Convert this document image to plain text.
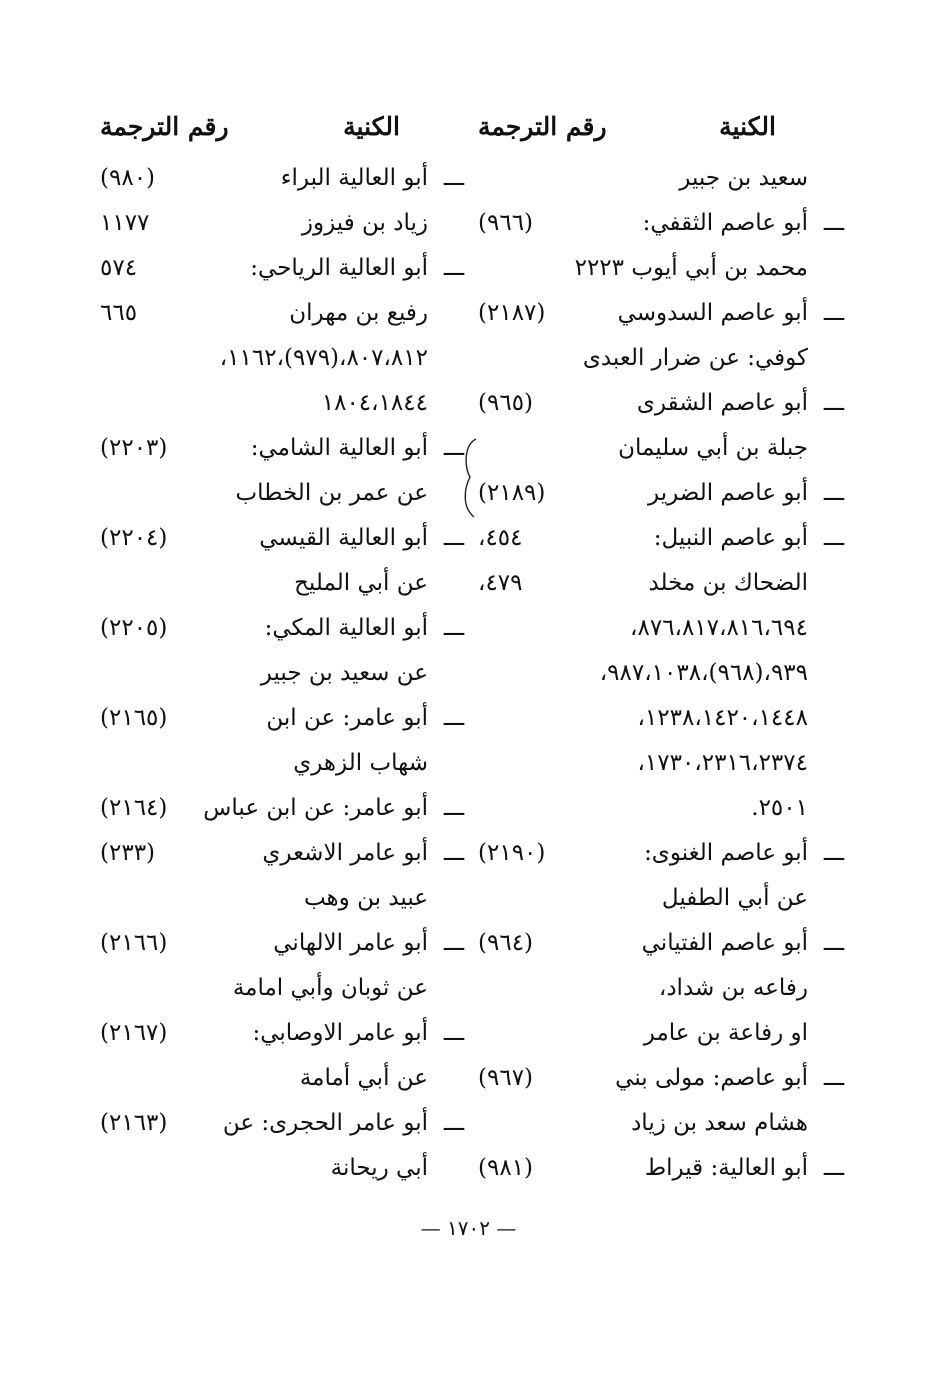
الكنية
رقم الترجمة
سعيد بن جبير
ـــ
أبو عاصم الثقفي:
(٩٦٦)
محمد بن أبي أيوب ٢٢٢٣
ـــ
أبو عاصم السدوسي
(٢١٨٧)
كوفي: عن ضرار العبدى
ـــ
أبو عاصم الشقرى
(٩٦٥)
جبلة بن أبي سليمان
ـــ
أبو عاصم الضرير
(٢١٨٩)
ـــ
أبو عاصم النبيل:
٤٥٤،
الضحاك بن مخلد
٤٧٩،
٨٧٦،٨١٧،٨١٦،٦٩٤،
٩٣٩،(٩٦٨)،٩٨٧،١٠٣٨،
١٢٣٨،١٤٢٠،١٤٤٨،
١٧٣٠،٢٣١٦،٢٣٧٤،
٢٥٠١.
ـــ
أبو عاصم الغنوى:
(٢١٩٠)
عن أبي الطفيل
ـــ
أبو عاصم الفتياني
(٩٦٤)
رفاعه بن شداد،
او رفاعة بن عامر
ـــ
أبو عاصم: مولى بني
(٩٦٧)
هشام سعد بن زياد
ـــ
أبو العالية: قيراط
(٩٨١)
الكنية
رقم الترجمة
ـــ
أبو العالية البراء
(٩٨٠)
زياد بن فيزوز
١١٧٧
ـــ
أبو العالية الرياحي:
٥٧٤
رفيع بن مهران
٦٦٥
٨٠٧،٨١٢،(٩٧٩)،١١٦٢،
١٨٠٤،١٨٤٤
ـــ
أبو العالية الشامي:
(٢٢٠٣)
عن عمر بن الخطاب
ـــ
أبو العالية القيسي
(٢٢٠٤)
عن أبي المليح
ـــ
أبو العالية المكي:
(٢٢٠٥)
عن سعيد بن جبير
ـــ
أبو عامر: عن ابن
(٢١٦٥)
شهاب الزهري
ـــ
أبو عامر: عن ابن عباس
(٢١٦٤)
ـــ
أبو عامر الاشعري
(٢٣٣)
عبيد بن وهب
ـــ
أبو عامر الالهاني
(٢١٦٦)
عن ثوبان وأبي امامة
ـــ
أبو عامر الاوصابي:
(٢١٦٧)
عن أبي أمامة
ـــ
أبو عامر الحجرى: عن
(٢١٦٣)
أبي ريحانة
— ١٧٠٢ —
